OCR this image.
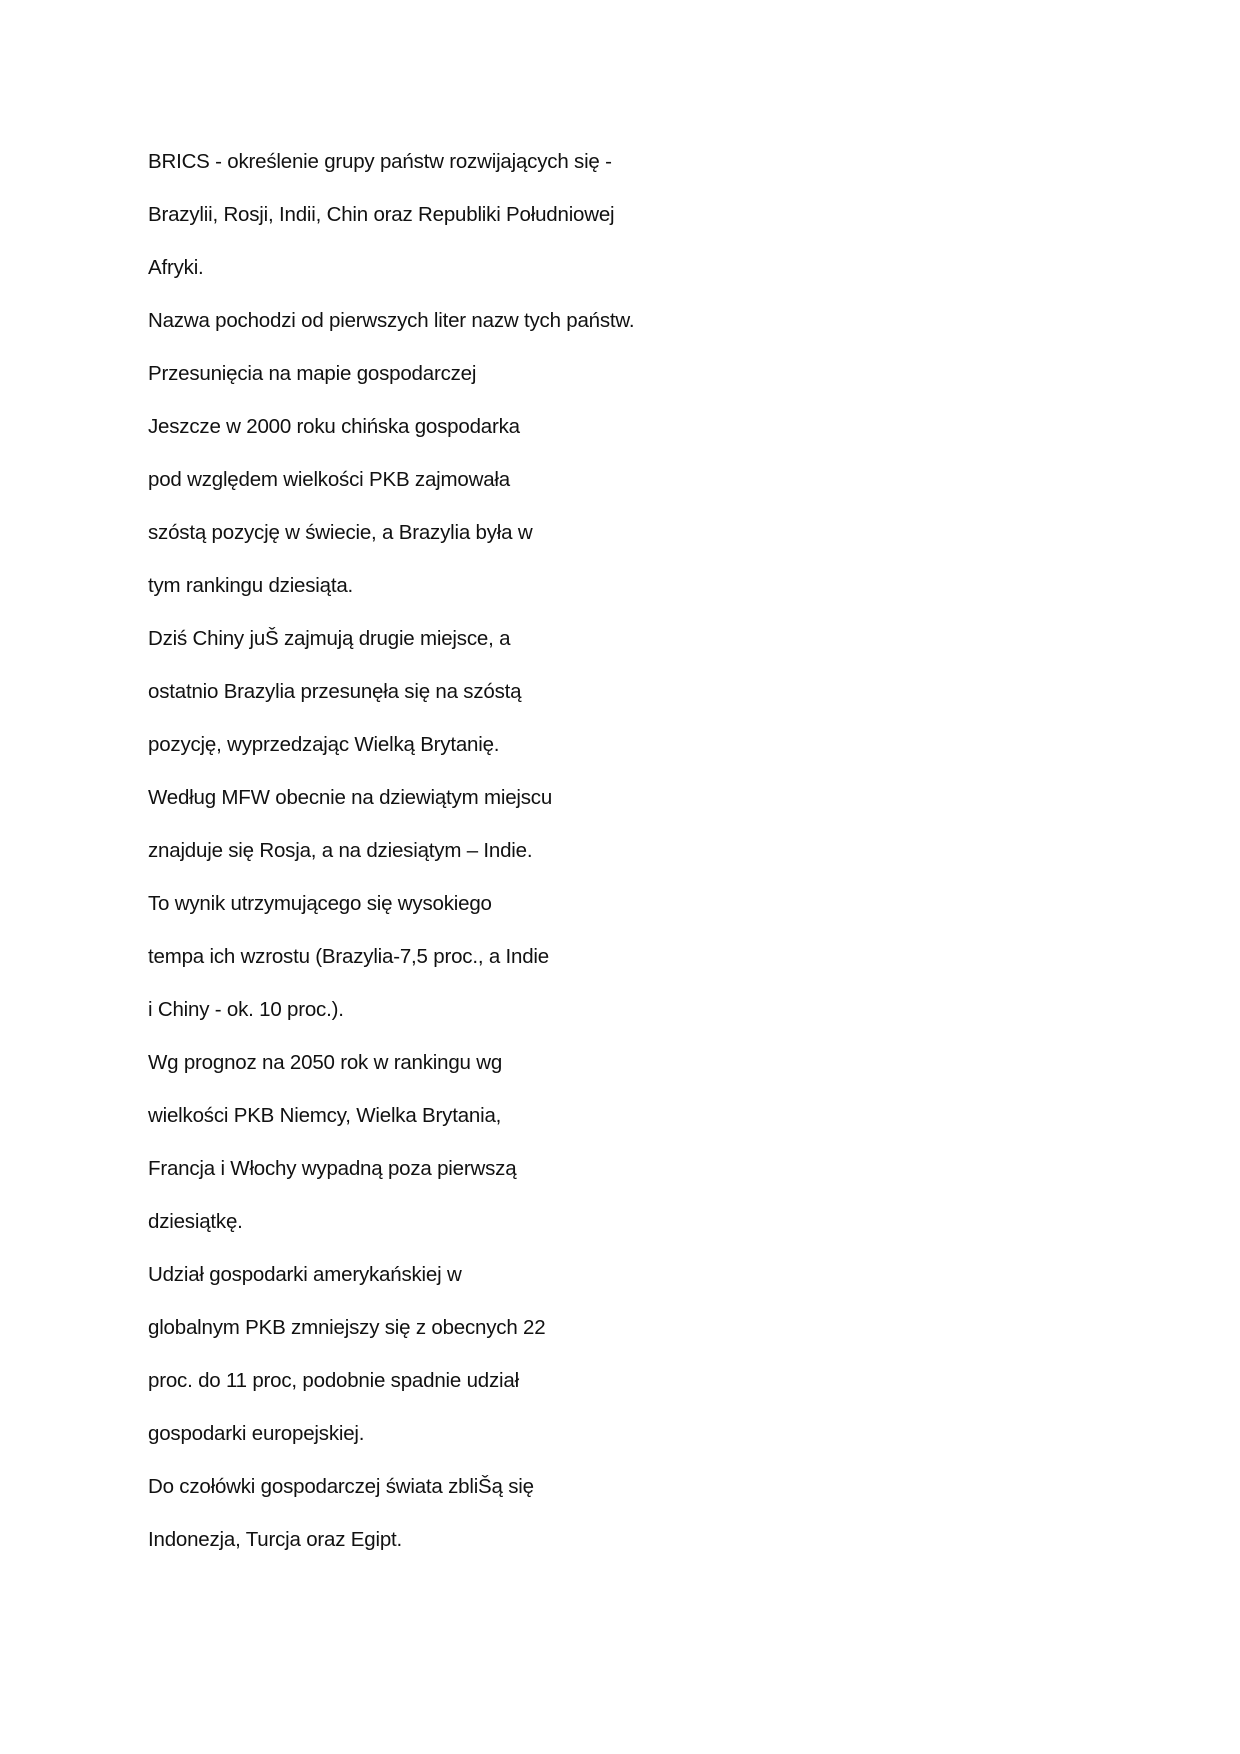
BRICS - określenie grupy państw rozwijających się -
Brazylii, Rosji, Indii, Chin oraz Republiki Południowej
Afryki.
Nazwa pochodzi od pierwszych liter nazw tych państw.
Przesunięcia na mapie gospodarczej
Jeszcze w 2000 roku chińska gospodarka
pod względem wielkości PKB zajmowała
szóstą pozycję w świecie, a Brazylia była w
tym rankingu dziesiąta.
Dziś Chiny juŠ zajmują drugie miejsce, a
ostatnio Brazylia przesunęła się na szóstą
pozycję, wyprzedzając Wielką Brytanię.
Według MFW obecnie na dziewiątym miejscu
znajduje się Rosja, a na dziesiątym – Indie.
To wynik utrzymującego się wysokiego
tempa ich wzrostu (Brazylia-7,5 proc., a Indie
i Chiny - ok. 10 proc.).
Wg prognoz na 2050 rok w rankingu wg
wielkości PKB Niemcy, Wielka Brytania,
Francja i Włochy wypadną poza pierwszą
dziesiątkę.
Udział gospodarki amerykańskiej w
globalnym PKB zmniejszy się z obecnych 22
proc. do 11 proc, podobnie spadnie udział
gospodarki europejskiej.
Do czołówki gospodarczej świata zbliŠą się
Indonezja, Turcja oraz Egipt.
